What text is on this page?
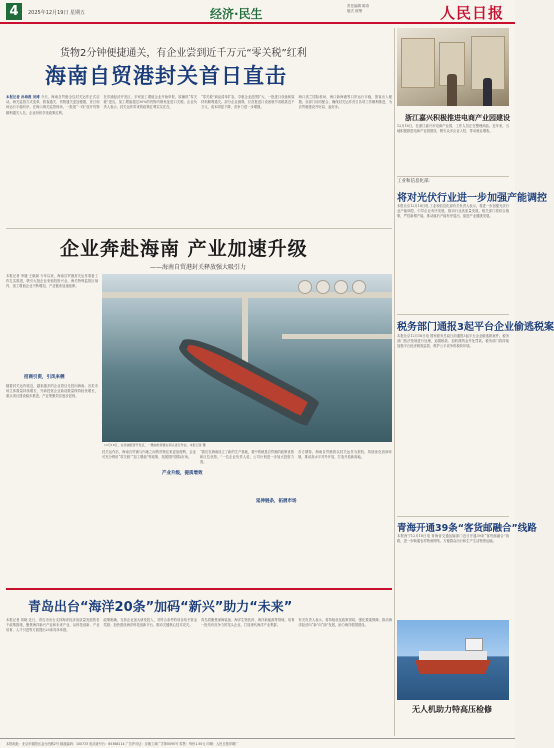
4	2025年12月19日 星期五	经济·民生
责任编辑 陈奇
版式 统筹	人民日报
货物2分钟便捷通关，有企业尝到近千万元“零关税”红利
海南自贸港封关首日直击
本报记者 孙海燕 刘博 今天，海南自贸港全岛封关运作正式启动。海关监管方式变革，旅客通关、货物通关更加便捷，首日现场运行平稳有序。在海口海关监管现场，一批批“一线”放开货物顺利通关入岛，企业纷纷享受政策红利。
在洋浦经济开发区，多家加工增值企业开始申报，原辅料“零关税”进岛，加工增值超过30%的货物内销免征进口关税。企业负责人表示，封关运作带来的政策红利实实在在。
“零关税”商品清单扩容，享惠企业范围扩大，一批进口设备和原材料顺利通关。部分企业测算，仅首批进口设备就节省税款近千万元，成本明显下降，竞争力进一步增强。
海口美兰国际机场、海口新海港等口岸运行平稳，旅客出入便捷。各部门协同配合，确保封关运作首日各项工作顺利推进，为自贸港建设开好局、起好步。
浙江嘉兴积极推进电商产业园建设
12月18日，在浙江嘉兴市电商产业园，工作人员正在整理商品。近年来，当地积极推进电商产业园建设，吸引众多企业入驻，带动就业增收。
工业和信息化部：
将对光伏行业进一步加强产能调控
本报北京12月18日电 工业和信息化部有关负责人表示，将进一步加强光伏行业产能调控，引导企业有序发展，推动行业高质量发展。相关部门将综合施策，严控新增产能，推动落后产能有序退出，促进产业健康发展。
税务部门通报3起平台企业偷逃税案
本报北京12月18日电 国家税务总局日前通报3起平台企业偷逃税案件。税务部门依法依规进行处理，追缴税款、加收滞纳金并处罚款。税务部门将持续加强平台经济税收监管，维护公平竞争的税收环境。
青海开通39条“客货邮融合”线路
本报西宁12月18日电 青海省交通运输部门近日开通39条“客货邮融合”线路，进一步畅通农村物流网络，方便群众出行和生产生活物资运输。
无人机助力特高压检修
企业奔赴海南 产业加速升级
——海南自贸港封关释放强大吸引力
本报记者 李婕 王晓斌 今年以来，海南自贸港封关运作准备工作扎实推进，吸引大批企业来琼投资兴业。海关特殊监管区域内，加工增值企业不断增加，产业链条加速延伸。
招商引资，引凤来栖
随着封关运作临近，越来越多的企业将目光投向海南。各类市场主体数量持续增长，外商投资企业新设数量保持较快增长，重点项目建设稳步推进，产业集聚效应逐步显现。
12月18日，在洋浦经济开发区，一艘油轮停靠在码头进行作业。本报记者 摄
封关运作后，海南自贸港与内地之间的货物往来更加便利，企业可充分利用“零关税”“加工增值”等政策，拓展国内国际市场。
“我们在海南设立了新的生产基地，看中的就是自贸港的政策优势和区位优势。”一位企业负责人说，公司计划进一步加大投资力度。
各方期待，海南自贸港将以封关运作为契机，持续优化营商环境，推动高水平对外开放，打造开放新高地。
产业升级，提质增效
延伸链条，拓展市场
青岛出台“海洋20条”加码“新兴”助力“未来”
本报记者 刘晓 近日，青岛市出台支持海洋经济高质量发展的若干政策措施，聚焦海洋新兴产业和未来产业，从科技创新、产业培育、人才引进等方面提出20条具体举措。
政策明确，支持企业加大研发投入，对符合条件的项目给予资金奖励；加快建设海洋科技创新平台，推动关键核心技术攻关。
青岛将聚焦深海装备、海洋生物医药、海洋新能源等领域，培育一批具有竞争力的龙头企业，打造现代海洋产业集群。
有关负责人表示，将持续优化政策供给，强化要素保障，推动海洋经济向“新”向“绿”发展，助力海洋强国建设。
本报地址：北京市朝阳区金台西路2号 邮政编码：100733 电话查号台：65368114 广告许可证：京朝工商广字第0095号 零售：每份1.50元 印刷：人民日报印刷厂
